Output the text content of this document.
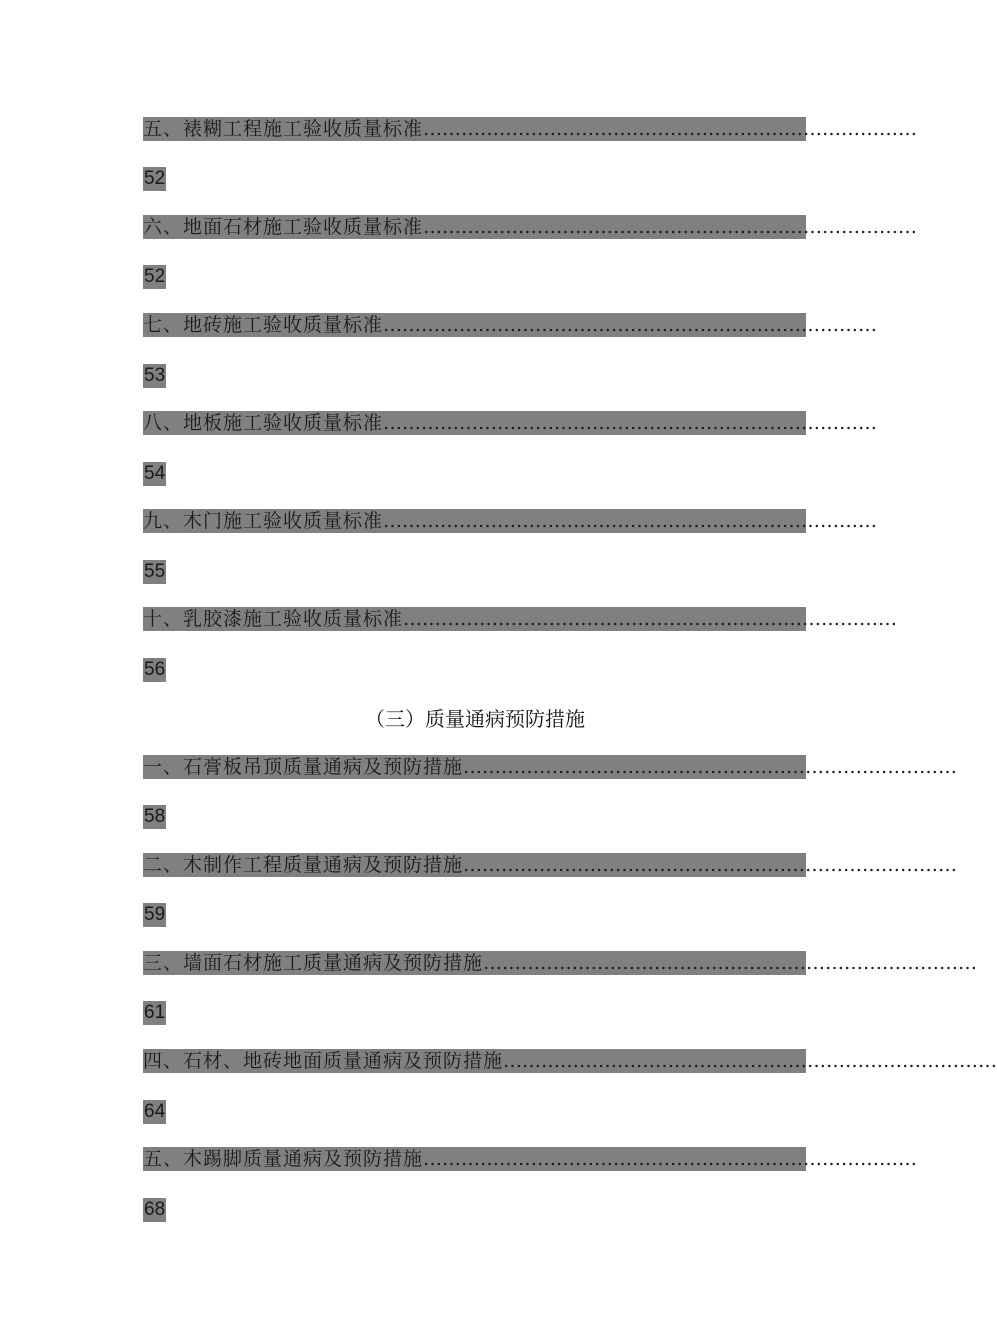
五、裱糊工程施工验收质量标准……………………………………………………………………
52
六、地面石材施工验收质量标准……………………………………………………………………
52
七、地砖施工验收质量标准……………………………………………………………………
53
八、地板施工验收质量标准……………………………………………………………………
54
九、木门施工验收质量标准……………………………………………………………………
55
十、乳胶漆施工验收质量标准……………………………………………………………………
56
（三）质量通病预防措施
一、石膏板吊顶质量通病及预防措施……………………………………………………………………
58
二、木制作工程质量通病及预防措施……………………………………………………………………
59
三、墙面石材施工质量通病及预防措施……………………………………………………………………
61
四、石材、地砖地面质量通病及预防措施……………………………………………………………………
64
五、木踢脚质量通病及预防措施……………………………………………………………………
68
